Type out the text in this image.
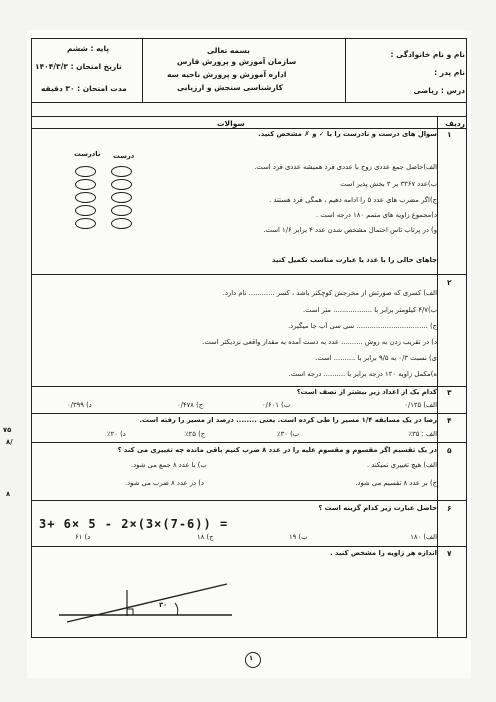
بسمه تعالی
سازمان آموزش و پرورش فارس
اداره آموزش و پرورش ناحیه سه
کارشناسی سنجش و ارزیابی
نام و نام خانوادگی :
نام پدر :
درس : ریاضی
پایه : ششم
تاریخ امتحان : ۱۴۰۴/۳/۳
مدت امتحان : ۳۰ دقیقه
ردیف
سوالات
۱
سوال های درست و نادرست را با ✓ و ✗ مشخص کنید.
درست
نادرست
الف)حاصل جمع عددی زوج با عددی فرد همیشه عددی فرد است.
ب)عدد ۳۳۶۷ بر ۳ بخش پذیر است
ج)اگر مضرب های عدد ۵ را ادامه دهیم ، همگی فرد هستند .
د)مجموع زاویه های متمم ۱۸۰ درجه است .
و) در پرتاب تاس احتمال مشخص شدن عدد ۴ برابر ۱/۶ است.
۲
جاهای خالی را با عدد یا عبارت مناسب تکمیل کنید
الف) کسری که صورتش از مخرجش کوچکتر باشد ، کسر ............ نام دارد.
ب)۴/۷ کیلومتر برابر با .................. متر است.
ج) ................................. سی سی آب جا میگیرد.
د) در تقریب زدن به روش .......... عدد به دست آمده به مقدار واقعی نزدیکتر است.
ی) نسبت ۰/۳ به ۹/۵ برابر با .......... است.
ه)مکمل زاویه ۱۲۰ درجه برابر با .......... درجه است.
۳
کدام یک از اعداد زیر بیشتر از نصف است؟
الف) ۰/۱۲۵
ب) ۰/۶۰۱
ج) ۰/۴۷۸
د) ۰/۳۹۹
۴
رضا در یک مسابقه ۱/۴ مسیر را طی کرده است. یعنی ........ درصد از مسیر را رفته است.
الف : ۳۵٪
ب) ۳۰٪
ج) ۲۵٪
د) ۲۰٪
۵
در یک تقسیم اگر مقسوم و مقسوم علیه را در عدد ۸ ضرب کنیم باقی مانده چه تغییری می کند ؟
الف) هیچ تغییری نمیکند .
ب) با عدد ۸ جمع می شود.
ج) بر عدد ۸ تقسیم می شود.
د) در عدد ۸ ضرب می شود.
۶
حاصل عبارت زیر کدام گزینه است ؟
3+ 6× 5 - 2×(3×(7-6)) =
الف) ۱۸۰
ب) ۱۹
ج) ۱۸
د) ۶۱
۷
اندازه هر زاویه را مشخص کنید .
۳۰
۱
۷۵
۸/
۸
